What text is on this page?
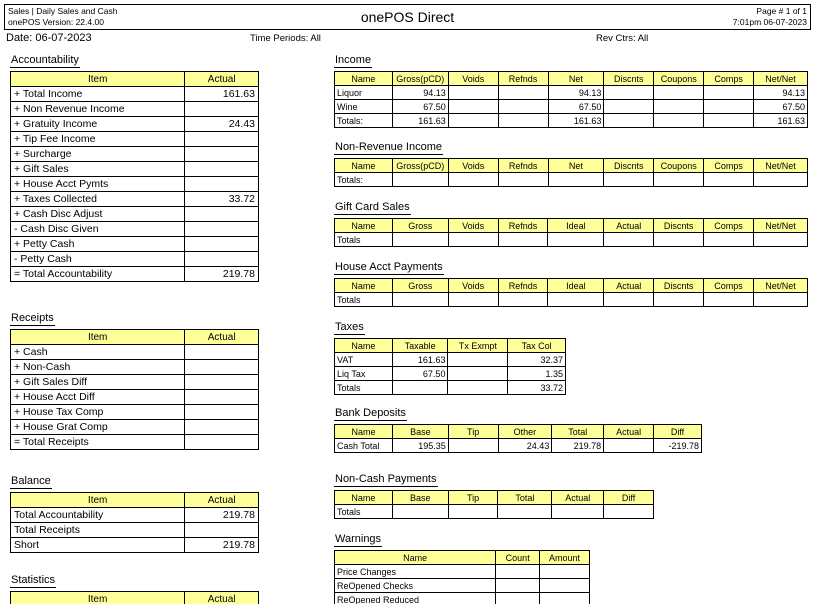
Sales | Daily Sales and Cash
onePOS Version: 22.4.00	onePOS Direct	Page # 1 of 1
7:01pm 06-07-2023
Date: 06-07-2023	Time Periods: All	Rev Ctrs: All
Accountability
Item	Actual
+ Total Income	161.63
+ Non Revenue Income	
+ Gratuity Income	24.43
+ Tip Fee Income	
+ Surcharge	
+ Gift Sales	
+ House Acct Pymts	
+ Taxes Collected	33.72
+ Cash Disc Adjust	
- Cash Disc Given	
+ Petty Cash	
- Petty Cash	
= Total Accountability	219.78
Receipts
Item	Actual
+ Cash	
+ Non-Cash	
+ Gift Sales Diff	
+ House Acct Diff	
+ House Tax Comp	
+ House Grat Comp	
= Total Receipts	
Balance
Item	Actual
Total Accountability	219.78
Total Receipts	
Short	219.78
Statistics
Item	Actual
Income
Name	Gross(pCD)	Voids	Refnds	Net	Discnts	Coupons	Comps	Net/Net
Liquor	94.13			94.13				94.13
Wine	67.50			67.50				67.50
Totals:	161.63			161.63				161.63
Non-Revenue Income
Name	Gross(pCD)	Voids	Refnds	Net	Discnts	Coupons	Comps	Net/Net
Totals:								
Gift Card Sales
Name	Gross	Voids	Refnds	Ideal	Actual	Discnts	Comps	Net/Net
Totals								
House Acct Payments
Name	Gross	Voids	Refnds	Ideal	Actual	Discnts	Comps	Net/Net
Totals								
Taxes
Name	Taxable	Tx Exmpt	Tax Col
VAT	161.63		32.37
Liq Tax	67.50		1.35
Totals			33.72
Bank Deposits
Name	Base	Tip	Other	Total	Actual	Diff
Cash Total	195.35		24.43	219.78		-219.78
Non-Cash Payments
Name	Base	Tip	Total	Actual	Diff
Totals					
Warnings
Name	Count	Amount
Price Changes		
ReOpened Checks		
ReOpened Reduced		
